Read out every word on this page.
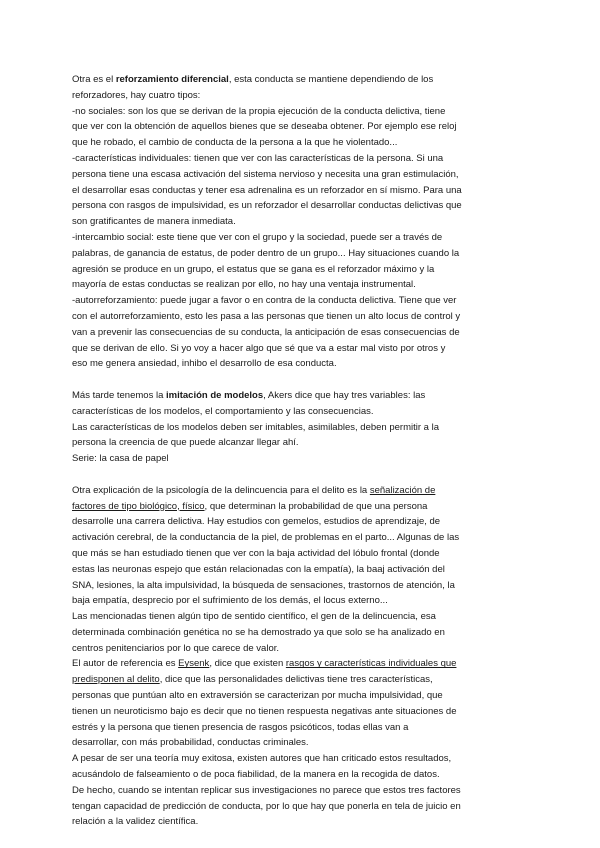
Otra es el reforzamiento diferencial, esta conducta se mantiene dependiendo de los
reforzadores, hay cuatro tipos:
-no sociales: son los que se derivan de la propia ejecución de la conducta delictiva, tiene
que ver con la obtención de aquellos bienes que se deseaba obtener. Por ejemplo ese reloj
que he robado, el cambio de conducta de la persona a la que he violentado...
-características individuales: tienen que ver con las características de la persona. Si una
persona tiene una escasa activación del sistema nervioso y necesita una gran estimulación,
el desarrollar esas conductas y tener esa adrenalina es un reforzador en sí mismo. Para una
persona con rasgos de impulsividad, es un reforzador el desarrollar conductas delictivas que
son gratificantes de manera inmediata.
-intercambio social: este tiene que ver con el grupo y la sociedad, puede ser a través de
palabras, de ganancia de estatus, de poder dentro de un grupo... Hay situaciones cuando la
agresión se produce en un grupo, el estatus que se gana es el reforzador máximo y la
mayoría de estas conductas se realizan por ello, no hay una ventaja instrumental.
-autorreforzamiento: puede jugar a favor o en contra de la conducta delictiva. Tiene que ver
con el autorreforzamiento, esto les pasa a las personas que tienen un alto locus de control y
van a prevenir las consecuencias de su conducta, la anticipación de esas consecuencias de
que se derivan de ello. Si yo voy a hacer algo que sé que va a estar mal visto por otros y
eso me genera ansiedad, inhibo el desarrollo de esa conducta.
Más tarde tenemos la imitación de modelos, Akers dice que hay tres variables: las
características de los modelos, el comportamiento y las consecuencias.
Las características de los modelos deben ser imitables, asimilables, deben permitir a la
persona la creencia de que puede alcanzar llegar ahí.
Serie: la casa de papel
Otra explicación de la psicología de la delincuencia para el delito es la señalización de
factores de tipo biológico, físico, que determinan la probabilidad de que una persona
desarrolle una carrera delictiva. Hay estudios con gemelos, estudios de aprendizaje, de
activación cerebral, de la conductancia de la piel, de problemas en el parto... Algunas de las
que más se han estudiado tienen que ver con la baja actividad del lóbulo frontal (donde
estas las neuronas espejo que están relacionadas con la empatía), la baaj activación del
SNA, lesiones, la alta impulsividad, la búsqueda de sensaciones, trastornos de atención, la
baja empatía, desprecio por el sufrimiento de los demás, el locus externo...
Las mencionadas tienen algún tipo de sentido científico, el gen de la delincuencia, esa
determinada combinación genética no se ha demostrado ya que solo se ha analizado en
centros penitenciarios por lo que carece de valor.
El autor de referencia es Eysenk, dice que existen rasgos y características individuales que
predisponen al delito, dice que las personalidades delictivas tiene tres características,
personas que puntúan alto en extraversión se caracterizan por mucha impulsividad, que
tienen un neuroticismo bajo es decir que no tienen respuesta negativas ante situaciones de
estrés y la persona que tienen presencia de rasgos psicóticos, todas ellas van a
desarrollar, con más probabilidad, conductas criminales.
A pesar de ser una teoría muy exitosa, existen autores que han criticado estos resultados,
acusándolo de falseamiento o de poca fiabilidad, de la manera en la recogida de datos.
De hecho, cuando se intentan replicar sus investigaciones no parece que estos tres factores
tengan capacidad de predicción de conducta, por lo que hay que ponerla en tela de juicio en
relación a la validez científica.
